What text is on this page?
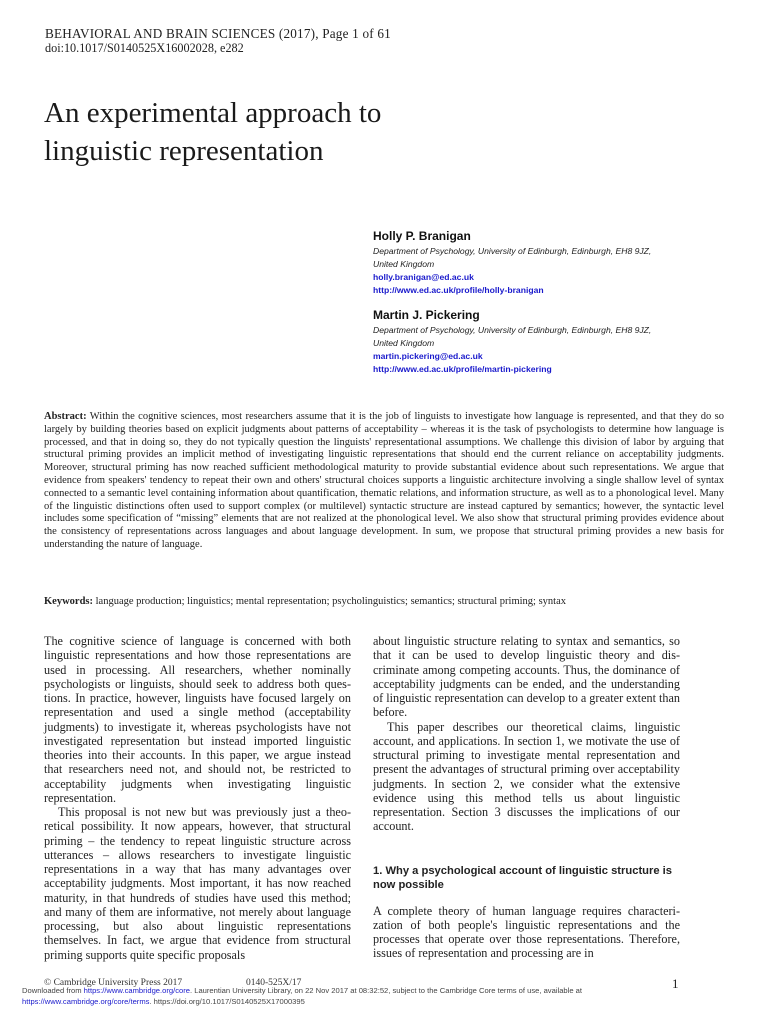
BEHAVIORAL AND BRAIN SCIENCES (2017), Page 1 of 61
doi:10.1017/S0140525X16002028, e282
An experimental approach to
linguistic representation
Holly P. Branigan
Department of Psychology, University of Edinburgh, Edinburgh, EH8 9JZ,
United Kingdom
holly.branigan@ed.ac.uk
http://www.ed.ac.uk/profile/holly-branigan
Martin J. Pickering
Department of Psychology, University of Edinburgh, Edinburgh, EH8 9JZ,
United Kingdom
martin.pickering@ed.ac.uk
http://www.ed.ac.uk/profile/martin-pickering
Abstract: Within the cognitive sciences, most researchers assume that it is the job of linguists to investigate how language is represented, and that they do so largely by building theories based on explicit judgments about patterns of acceptability – whereas it is the task of psychologists to determine how language is processed, and that in doing so, they do not typically question the linguists' representational assumptions. We challenge this division of labor by arguing that structural priming provides an implicit method of investigating linguistic representations that should end the current reliance on acceptability judgments. Moreover, structural priming has now reached sufficient methodological maturity to provide substantial evidence about such representations. We argue that evidence from speakers' tendency to repeat their own and others' structural choices supports a linguistic architecture involving a single shallow level of syntax connected to a semantic level containing information about quantification, thematic relations, and information structure, as well as to a phonological level. Many of the linguistic distinctions often used to support complex (or multilevel) syntactic structure are instead captured by semantics; however, the syntactic level includes some specification of “missing” elements that are not realized at the phonological level. We also show that structural priming provides evidence about the consistency of representations across languages and about language development. In sum, we propose that structural priming provides a new basis for understanding the nature of language.
Keywords: language production; linguistics; mental representation; psycholinguistics; semantics; structural priming; syntax

The cognitive science of language is concerned with both linguistic representations and how those representations are used in processing. All researchers, whether nominally psychologists or linguists, should seek to address both questions. In practice, however, linguists have focused largely on representation and used a single method (acceptability judgments) to investigate it, whereas psychologists have not investigated representation but instead imported linguistic theories into their accounts. In this paper, we argue instead that researchers need not, and should not, be restricted to acceptability judgments when investigating linguistic representation.

This proposal is not new but was previously just a theoretical possibility. It now appears, however, that structural priming – the tendency to repeat linguistic structure across utterances – allows researchers to investigate linguistic representations in a way that has many advantages over acceptability judgments. Most important, it has now reached maturity, in that hundreds of studies have used this method; and many of them are informative, not merely about language processing, but also about linguistic representations themselves. In fact, we argue that evidence from structural priming supports quite specific proposals

about linguistic structure relating to syntax and semantics, so that it can be used to develop linguistic theory and discriminate among competing accounts. Thus, the dominance of acceptability judgments can be ended, and the understanding of linguistic representation can develop to a greater extent than before.

This paper describes our theoretical claims, linguistic account, and applications. In section 1, we motivate the use of structural priming to investigate mental representation and present the advantages of structural priming over acceptability judgments. In section 2, we consider what the extensive evidence using this method tells us about linguistic representation. Section 3 discusses the implications of our account.

1. Why a psychological account of linguistic structure is now possible

A complete theory of human language requires characterization of both people's linguistic representations and the processes that operate over those representations. Therefore, issues of representation and processing are in

© Cambridge University Press 2017	0140-525X/17	1
Downloaded from https://www.cambridge.org/core. Laurentian University Library, on 22 Nov 2017 at 08:32:52, subject to the Cambridge Core terms of use, available at
https://www.cambridge.org/core/terms. https://doi.org/10.1017/S0140525X17000395
